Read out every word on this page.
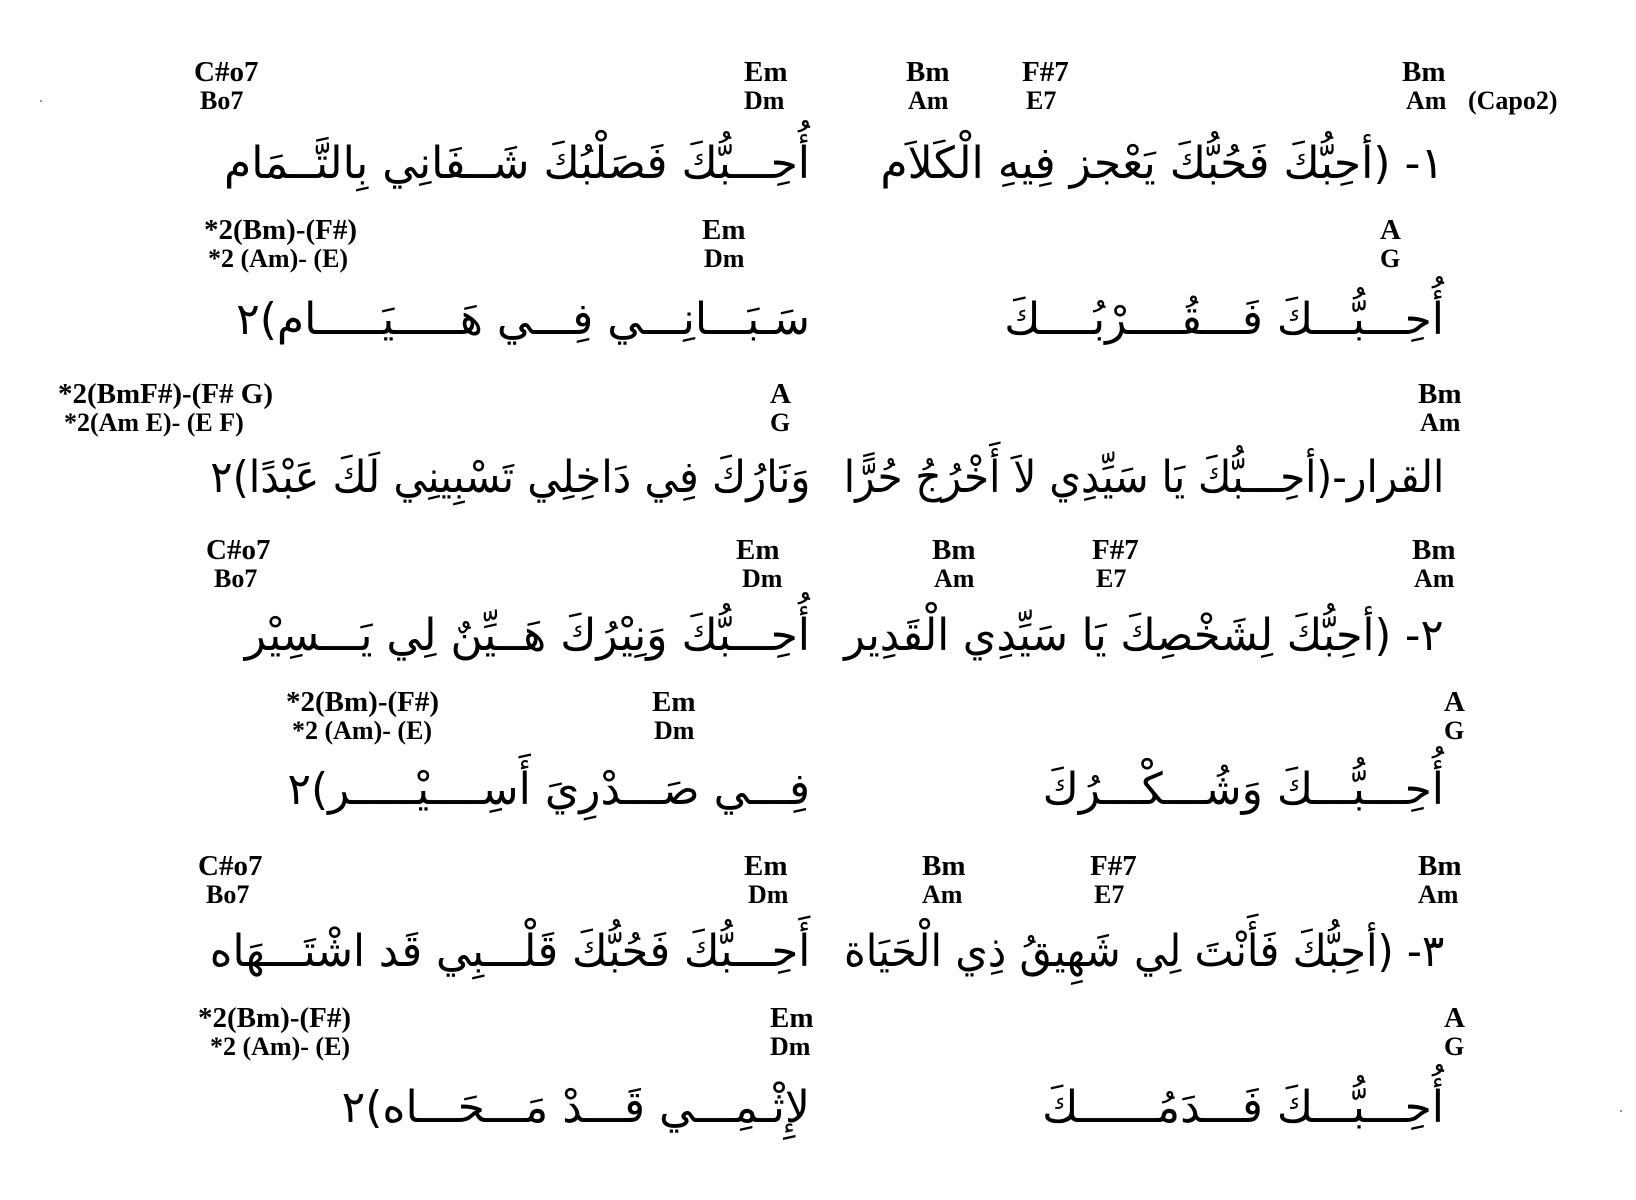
C#o7
Bo7
Em
Dm
Bm
Am
F#7
E7
Bm
Am (Capo2)
١- (أحِبُّكَ فَحُبُّكَ يَعْجز فِيهِ الْكَلاَم
أُحِـــبُّكَ فَصَلْبُكَ شَــفَانِي بِالتَّــمَام
*2(Bm)-(F#)
*2 (Am)- (E)
Em
Dm
A
G
أُحِـــبُّـــكَ فَـــقُــــرْبُــــكَ
سَـبَـــانِـــي فِـــي هَـــــيَـــــام)٢
*2(BmF#)-(F# G)
*2(Am E)- (E F)
A
G
Bm
Am
القرار-(أحِـــبُّكَ يَا سَيِّدِي لاَ أَخْرُجُ حُرًّا
وَنَارُكَ فِي دَاخِلِي تَسْبِينِي لَكَ عَبْدًا)٢
C#o7
Bo7
Em
Dm
Bm
Am
F#7
E7
Bm
Am
٢- (أحِبُّكَ لِشَخْصِكَ يَا سَيِّدِي الْقَدِير
أُحِـــبُّكَ وَنِيْرُكَ هَــيِّنٌ لِي يَـــسِيْر
*2(Bm)-(F#)
*2 (Am)- (E)
Em
Dm
A
G
أُحِـــبُّـــكَ وَشُـــكْـــرُكَ
فِـــي صَـــدْرِيَ أَسِــــيْـــــر)٢
C#o7
Bo7
Em
Dm
Bm
Am
F#7
E7
Bm
Am
٣- (أحِبُّكَ فَأَنْتَ لِي شَهِيقُ ذِي الْحَيَاة
أَحِـــبُّكَ فَحُبُّكَ قَلْـــبِي قَد اشْتَـــهَاه
*2(Bm)-(F#)
*2 (Am)- (E)
Em
Dm
A
G
أُحِـــبُّـــكَ فَـــدَمُــــــكَ
لإِثْـمِـــي قَـــدْ مَـــحَـــاه)٢
